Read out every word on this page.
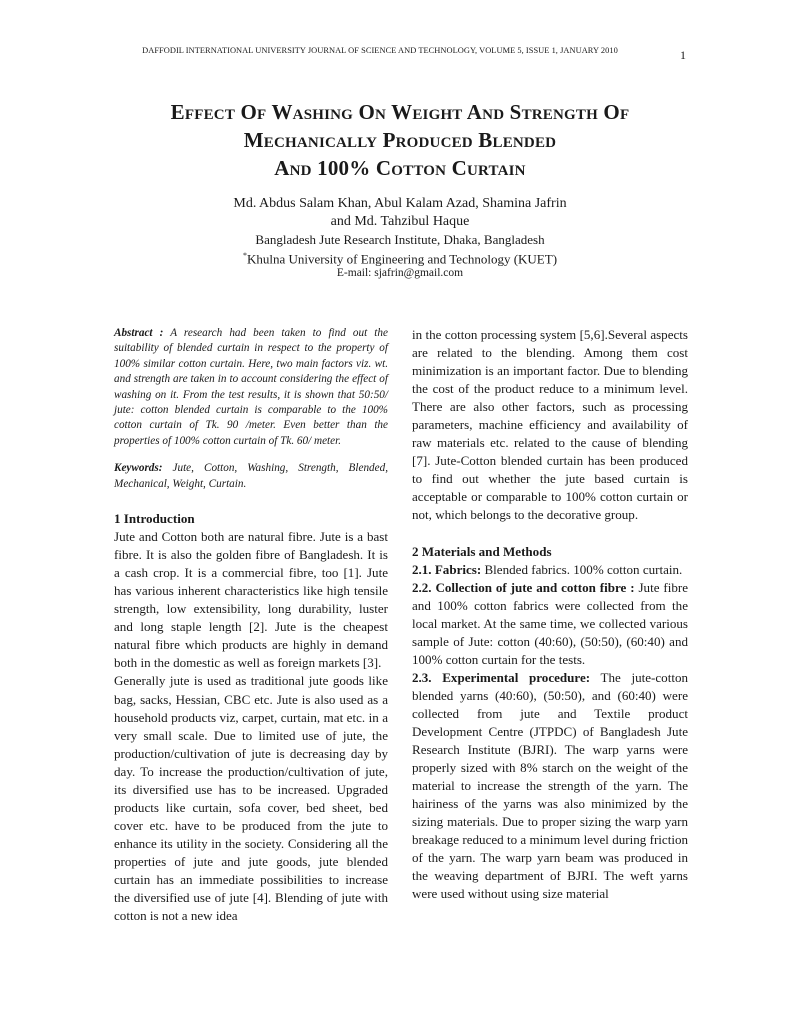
DAFFODIL INTERNATIONAL UNIVERSITY JOURNAL OF SCIENCE AND TECHNOLOGY, VOLUME 5, ISSUE 1, JANUARY 2010	1
Effect Of Washing On Weight And Strength Of
Mechanically Produced Blended
And 100% Cotton Curtain
Md. Abdus Salam Khan, Abul Kalam Azad, Shamina Jafrin
and Md. Tahzibul Haque
Bangladesh Jute Research Institute, Dhaka, Bangladesh
*Khulna University of Engineering and Technology (KUET)
E-mail: sjafrin@gmail.com

Abstract : A research had been taken to find out the suitability of blended curtain in respect to the property of 100% similar cotton curtain. Here, two main factors viz. wt. and strength are taken in to account considering the effect of washing on it. From the test results, it is shown that 50:50/ jute: cotton blended curtain is comparable to the 100% cotton curtain of Tk. 90 /meter. Even better than the properties of 100% cotton curtain of Tk. 60/ meter.

Keywords: Jute, Cotton, Washing, Strength, Blended, Mechanical, Weight, Curtain.

1 Introduction

Jute and Cotton both are natural fibre. Jute is a bast fibre. It is also the golden fibre of Bangladesh. It is a cash crop. It is a commercial fibre, too [1]. Jute has various inherent characteristics like high tensile strength, low extensibility, long durability, luster and long staple length [2]. Jute is the cheapest natural fibre which products are highly in demand both in the domestic as well as foreign markets [3].

Generally jute is used as traditional jute goods like bag, sacks, Hessian, CBC etc. Jute is also used as a household products viz, carpet, curtain, mat etc. in a very small scale. Due to limited use of jute, the production/cultivation of jute is decreasing day by day. To increase the production/cultivation of jute, its diversified use has to be increased. Upgraded products like curtain, sofa cover, bed sheet, bed cover etc. have to be produced from the jute to enhance its utility in the society. Considering all the properties of jute and jute goods, jute blended curtain has an immediate possibilities to increase the diversified use of jute [4]. Blending of jute with cotton is not a new idea

in the cotton processing system [5,6].Several aspects are related to the blending. Among them cost minimization is an important factor. Due to blending the cost of the product reduce to a minimum level. There are also other factors, such as processing parameters, machine efficiency and availability of raw materials etc. related to the cause of blending [7]. Jute-Cotton blended curtain has been produced to find out whether the jute based curtain is acceptable or comparable to 100% cotton curtain or not, which belongs to the decorative group.

2 Materials and Methods

2.1. Fabrics: Blended fabrics. 100% cotton curtain.

2.2. Collection of jute and cotton fibre : Jute fibre and 100% cotton fabrics were collected from the local market. At the same time, we collected various sample of Jute: cotton (40:60), (50:50), (60:40) and 100% cotton curtain for the tests.

2.3. Experimental procedure: The jute-cotton blended yarns (40:60), (50:50), and (60:40) were collected from jute and Textile product Development Centre (JTPDC) of Bangladesh Jute Research Institute (BJRI). The warp yarns were properly sized with 8% starch on the weight of the material to increase the strength of the yarn. The hairiness of the yarns was also minimized by the sizing materials. Due to proper sizing the warp yarn breakage reduced to a minimum level during friction of the yarn. The warp yarn beam was produced in the weaving department of BJRI. The weft yarns were used without using size material
